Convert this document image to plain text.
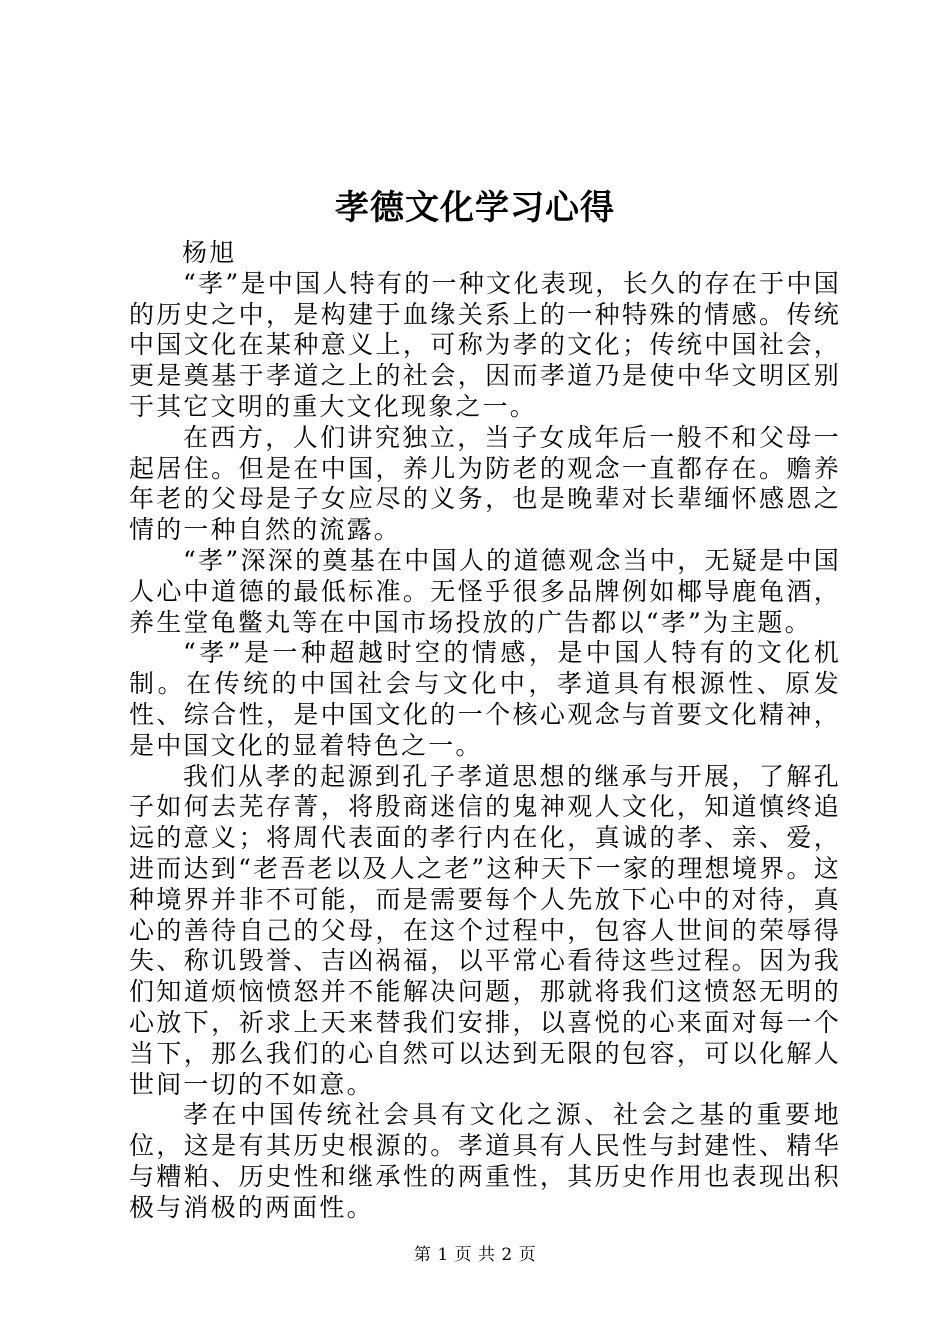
孝德文化学习心得

杨旭

“孝”是中国人特有的一种文化表现，长久的存在于中国的历史之中，是构建于血缘关系上的一种特殊的情感。传统中国文化在某种意义上，可称为孝的文化；传统中国社会，更是奠基于孝道之上的社会，因而孝道乃是使中华文明区别于其它文明的重大文化现象之一。

在西方，人们讲究独立，当子女成年后一般不和父母一起居住。但是在中国，养儿为防老的观念一直都存在。赡养年老的父母是子女应尽的义务，也是晚辈对长辈缅怀感恩之情的一种自然的流露。

“孝”深深的奠基在中国人的道德观念当中，无疑是中国人心中道德的最低标准。无怪乎很多品牌例如椰导鹿龟酒，养生堂龟鳖丸等在中国市场投放的广告都以“孝”为主题。

“孝”是一种超越时空的情感，是中国人特有的文化机制。在传统的中国社会与文化中，孝道具有根源性、原发性、综合性，是中国文化的一个核心观念与首要文化精神，是中国文化的显着特色之一。

我们从孝的起源到孔子孝道思想的继承与开展，了解孔子如何去芜存菁，将殷商迷信的鬼神观人文化，知道慎终追远的意义；将周代表面的孝行内在化，真诚的孝、亲、爱，进而达到“老吾老以及人之老”这种天下一家的理想境界。这种境界并非不可能，而是需要每个人先放下心中的对待，真心的善待自己的父母，在这个过程中，包容人世间的荣辱得失、称讥毁誉、吉凶祸福，以平常心看待这些过程。因为我们知道烦恼愤怒并不能解决问题，那就将我们这愤怒无明的心放下，祈求上天来替我们安排，以喜悦的心来面对每一个当下，那么我们的心自然可以达到无限的包容，可以化解人世间一切的不如意。

孝在中国传统社会具有文化之源、社会之基的重要地位，这是有其历史根源的。孝道具有人民性与封建性、精华与糟粕、历史性和继承性的两重性，其历史作用也表现出积极与消极的两面性。

第 1 页 共 2 页
